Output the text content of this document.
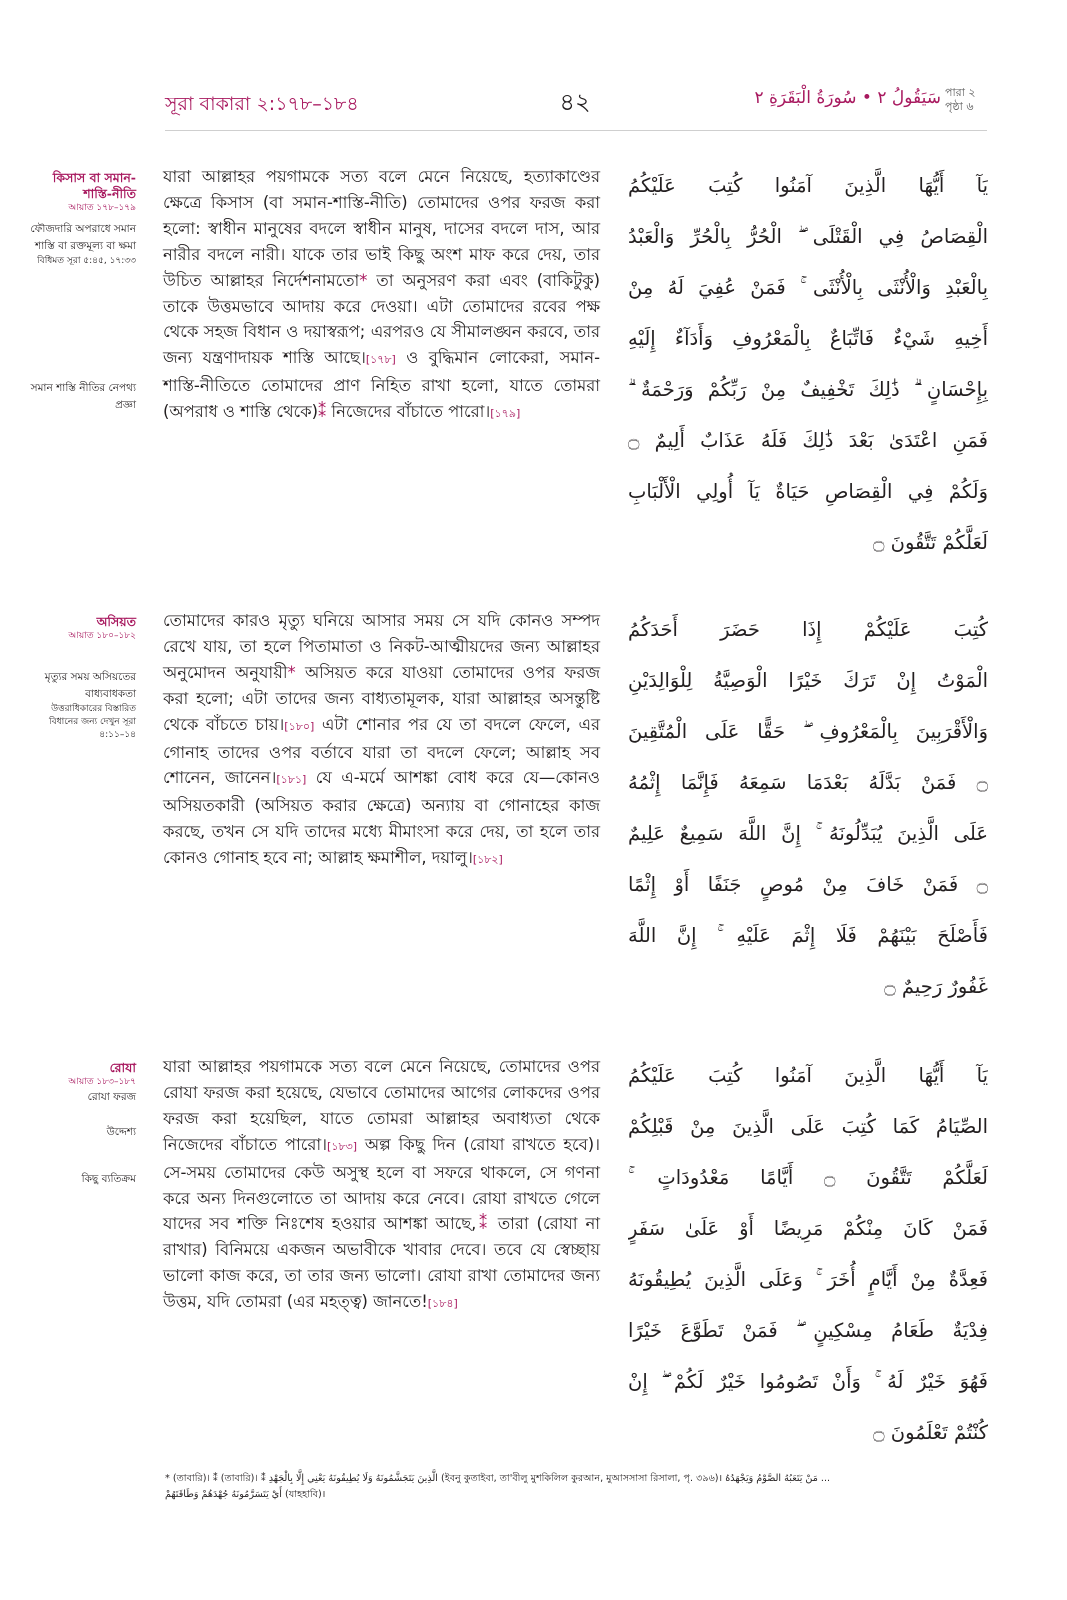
সূরা বাকারা ২:১৭৮–১৮৪	৪২	سَيَقُولُ ٢ • سُورَةُ الْبَقَرَةِ ٢ পারা ২
পৃষ্ঠা ৬
কিসাস বা সমান-শাস্তি-নীতি
আয়াত ১৭৮–১৭৯
ফৌজদারি অপরাধে সমান শাস্তি বা রক্তমূল্য বা ক্ষমা
বিধিমত সূরা ৫:৪৫, ১৭:৩৩
সমান শাস্তি নীতির নেপথ্য প্রজ্ঞা

যারা আল্লাহর পয়গামকে সত্য বলে মেনে নিয়েছে, হত্যাকাণ্ডের ক্ষেত্রে কিসাস (বা সমান-শাস্তি-নীতি) তোমাদের ওপর ফরজ করা হলো: স্বাধীন মানুষের বদলে স্বাধীন মানুষ, দাসের বদলে দাস, আর নারীর বদলে নারী। যাকে তার ভাই কিছু অংশ মাফ করে দেয়, তার উচিত আল্লাহর নির্দেশনামতো* তা অনুসরণ করা এবং (বাকিটুকু) তাকে উত্তমভাবে আদায় করে দেওয়া। এটা তোমাদের রবের পক্ষ থেকে সহজ বিধান ও দয়াস্বরূপ; এরপরও যে সীমালঙ্ঘন করবে, তার জন্য যন্ত্রণাদায়ক শাস্তি আছে।[১৭৮] ও বুদ্ধিমান লোকেরা, সমান-শাস্তি-নীতিতে তোমাদের প্রাণ নিহিত রাখা হলো, যাতে তোমরা (অপরাধ ও শাস্তি থেকে)⁑ নিজেদের বাঁচাতে পারো।[১৭৯]

يَآ أَيُّهَا الَّذِينَ آمَنُوا كُتِبَ عَلَيْكُمُ
الْقِصَاصُ فِي الْقَتْلَى ۖ الْحُرُّ بِالْحُرِّ وَالْعَبْدُ
بِالْعَبْدِ وَالْأُنْثَى بِالْأُنْثَى ۚ فَمَنْ عُفِيَ لَهُ مِنْ
أَخِيهِ شَيْءٌ فَاتِّبَاعٌ بِالْمَعْرُوفِ وَأَدَآءٌ إِلَيْهِ
بِإِحْسَانٍ ۗ ذَٰلِكَ تَخْفِيفٌ مِنْ رَبِّكُمْ وَرَحْمَةٌ ۗ
فَمَنِ اعْتَدَىٰ بَعْدَ ذَٰلِكَ فَلَهُ عَذَابٌ أَلِيمٌ ۝
وَلَكُمْ فِي الْقِصَاصِ حَيَاةٌ يَآ أُولِي الْأَلْبَابِ
لَعَلَّكُمْ تَتَّقُونَ ۝
অসিয়ত
আয়াত ১৮০–১৮২
মৃত্যুর সময় অসিয়তের বাধ্যবাধকতা
উত্তরাধিকারের বিস্তারিত বিধানের জন্য দেখুন সূরা ৪:১১–১৪

তোমাদের কারও মৃত্যু ঘনিয়ে আসার সময় সে যদি কোনও সম্পদ রেখে যায়, তা হলে পিতামাতা ও নিকট-আত্মীয়দের জন্য আল্লাহর অনুমোদন অনুযায়ী* অসিয়ত করে যাওয়া তোমাদের ওপর ফরজ করা হলো; এটা তাদের জন্য বাধ্যতামূলক, যারা আল্লাহর অসন্তুষ্টি থেকে বাঁচতে চায়।[১৮০] এটা শোনার পর যে তা বদলে ফেলে, এর গোনাহ তাদের ওপর বর্তাবে যারা তা বদলে ফেলে; আল্লাহ সব শোনেন, জানেন।[১৮১] যে এ-মর্মে আশঙ্কা বোধ করে যে—কোনও অসিয়তকারী (অসিয়ত করার ক্ষেত্রে) অন্যায় বা গোনাহের কাজ করছে, তখন সে যদি তাদের মধ্যে মীমাংসা করে দেয়, তা হলে তার কোনও গোনাহ হবে না; আল্লাহ ক্ষমাশীল, দয়ালু।[১৮২]

كُتِبَ عَلَيْكُمْ إِذَا حَضَرَ أَحَدَكُمُ
الْمَوْتُ إِنْ تَرَكَ خَيْرًا الْوَصِيَّةُ لِلْوَالِدَيْنِ
وَالْأَقْرَبِينَ بِالْمَعْرُوفِ ۖ حَقًّا عَلَى الْمُتَّقِينَ
۝ فَمَنْ بَدَّلَهُ بَعْدَمَا سَمِعَهُ فَإِنَّمَا إِثْمُهُ
عَلَى الَّذِينَ يُبَدِّلُونَهُ ۚ إِنَّ اللَّهَ سَمِيعٌ عَلِيمٌ
۝ فَمَنْ خَافَ مِنْ مُوصٍ جَنَفًا أَوْ إِثْمًا
فَأَصْلَحَ بَيْنَهُمْ فَلَا إِثْمَ عَلَيْهِ ۚ إِنَّ اللَّهَ
غَفُورٌ رَحِيمٌ ۝
রোযা
আয়াত ১৮৩–১৮৭
রোযা ফরজ
উদ্দেশ্য
কিছু ব্যতিক্রম

যারা আল্লাহর পয়গামকে সত্য বলে মেনে নিয়েছে, তোমাদের ওপর রোযা ফরজ করা হয়েছে, যেভাবে তোমাদের আগের লোকদের ওপর ফরজ করা হয়েছিল, যাতে তোমরা আল্লাহর অবাধ্যতা থেকে নিজেদের বাঁচাতে পারো।[১৮৩] অল্প কিছু দিন (রোযা রাখতে হবে)। সে-সময় তোমাদের কেউ অসুস্থ হলে বা সফরে থাকলে, সে গণনা করে অন্য দিনগুলোতে তা আদায় করে নেবে। রোযা রাখতে গেলে যাদের সব শক্তি নিঃশেষ হওয়ার আশঙ্কা আছে,⁑ তারা (রোযা না রাখার) বিনিময়ে একজন অভাবীকে খাবার দেবে। তবে যে স্বেচ্ছায় ভালো কাজ করে, তা তার জন্য ভালো। রোযা রাখা তোমাদের জন্য উত্তম, যদি তোমরা (এর মহত্ত্ব) জানতে![১৮৪]

يَآ أَيُّهَا الَّذِينَ آمَنُوا كُتِبَ عَلَيْكُمُ
الصِّيَامُ كَمَا كُتِبَ عَلَى الَّذِينَ مِنْ قَبْلِكُمْ
لَعَلَّكُمْ تَتَّقُونَ ۝ أَيَّامًا مَعْدُودَاتٍ ۚ
فَمَنْ كَانَ مِنْكُمْ مَرِيضًا أَوْ عَلَىٰ سَفَرٍ
فَعِدَّةٌ مِنْ أَيَّامٍ أُخَرَ ۚ وَعَلَى الَّذِينَ يُطِيقُونَهُ
فِدْيَةٌ طَعَامُ مِسْكِينٍ ۖ فَمَنْ تَطَوَّعَ خَيْرًا
فَهُوَ خَيْرٌ لَهُ ۚ وَأَنْ تَصُومُوا خَيْرٌ لَكُمْ ۖ إِنْ
كُنْتُمْ تَعْلَمُونَ ۝
* (তাবারি)। ⁑ (তাবারি)। ⁑ الَّذِينَ يَتَجَشَّمُونَهُ وَلَا يُطِيقُونَهُ يَعْنِي إِلَّا بِالْجَهْدِ (ইবনু কুতাইবা, তা'বীলু মুশকিলিল কুরআন, মুআসসাসা রিসালা, পৃ. ৩৯৬)। مَنْ يَتَعَبُهُ الصَّوْمُ وَيَجْهَدُهُ ...
أَيْ يَتَسَرَّمُونَهُ جُهْدَهُمْ وَطَاقَتَهُمْ (যাহহাবি)।
